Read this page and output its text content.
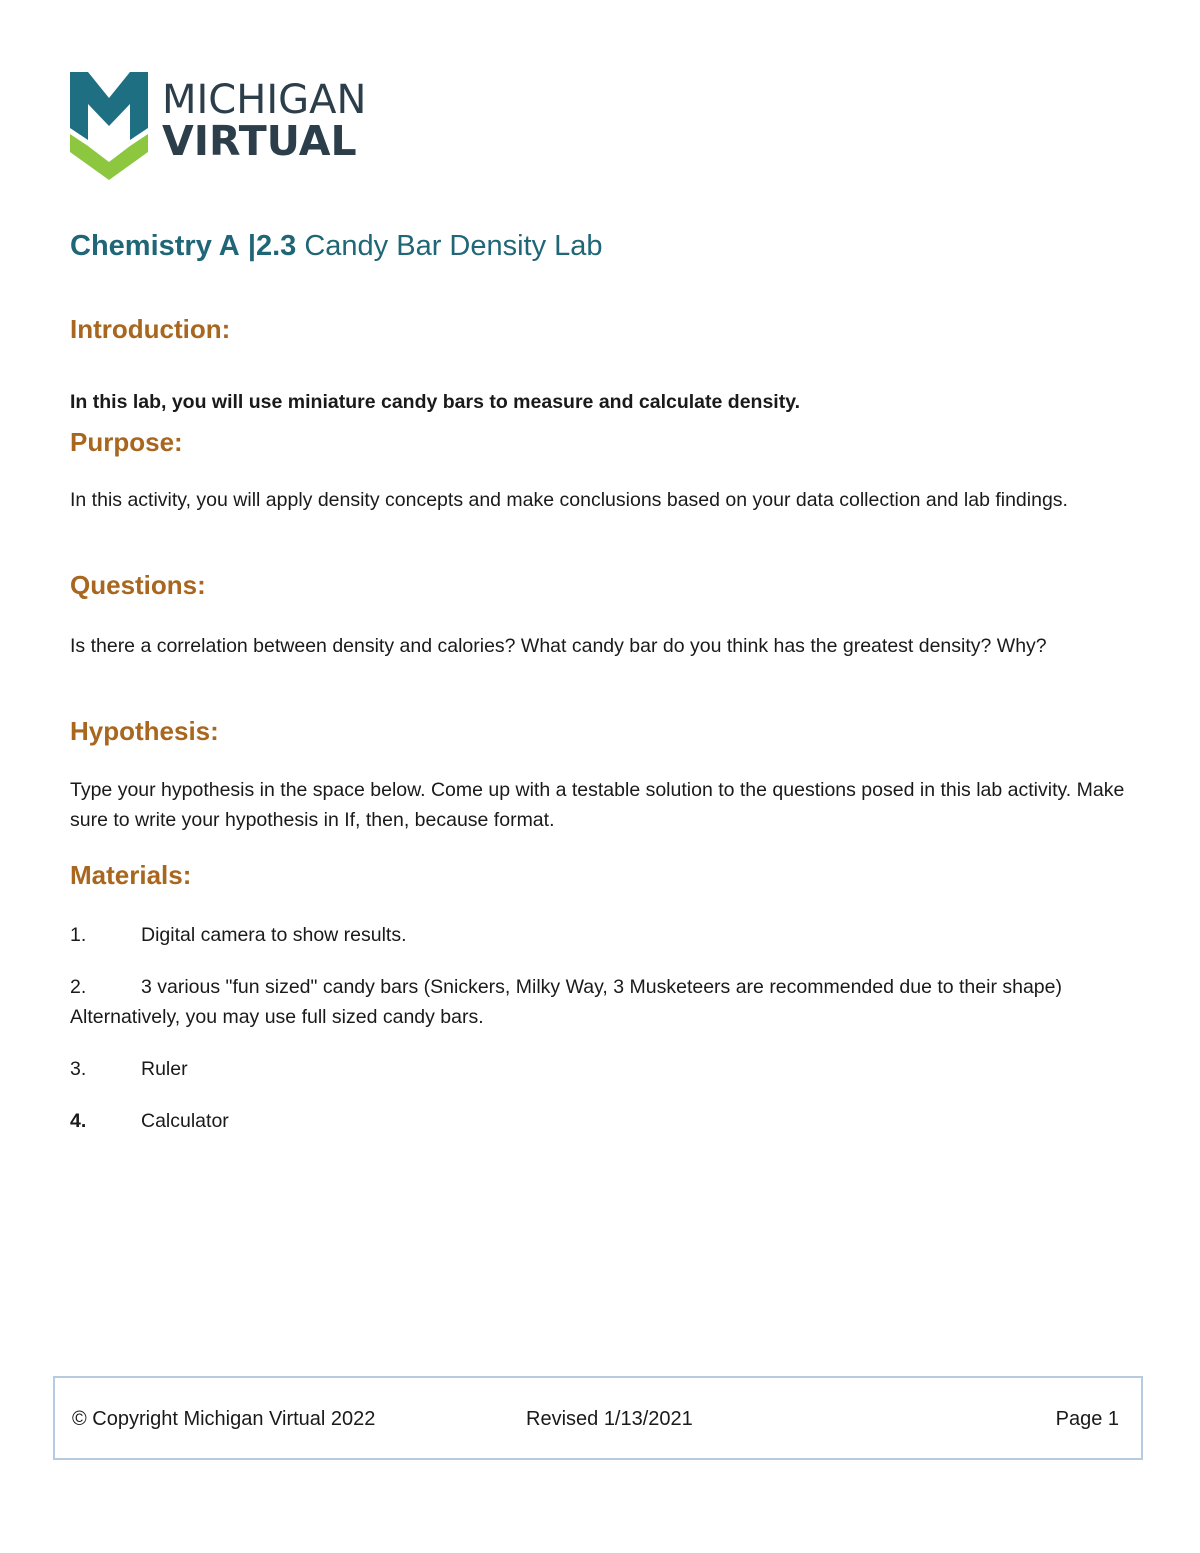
MICHIGAN
VIRTUAL
Chemistry A |2.3 Candy Bar Density Lab
Introduction:
In this lab, you will use miniature candy bars to measure and calculate density.
Purpose:
In this activity, you will apply density concepts and make conclusions based on your data collection and lab findings.
Questions:
Is there a correlation between density and calories? What candy bar do you think has the greatest density? Why?
Hypothesis:
Type your hypothesis in the space below. Come up with a testable solution to the questions posed in this lab activity. Make sure to write your hypothesis in If, then, because format.
Materials:
1.	Digital camera to show results.
2.	3 various "fun sized" candy bars (Snickers, Milky Way, 3 Musketeers are recommended due to their shape) Alternatively, you may use full sized candy bars.
3.	Ruler
4.	Calculator
© Copyright Michigan Virtual 2022	Revised 1/13/2021	Page 1
